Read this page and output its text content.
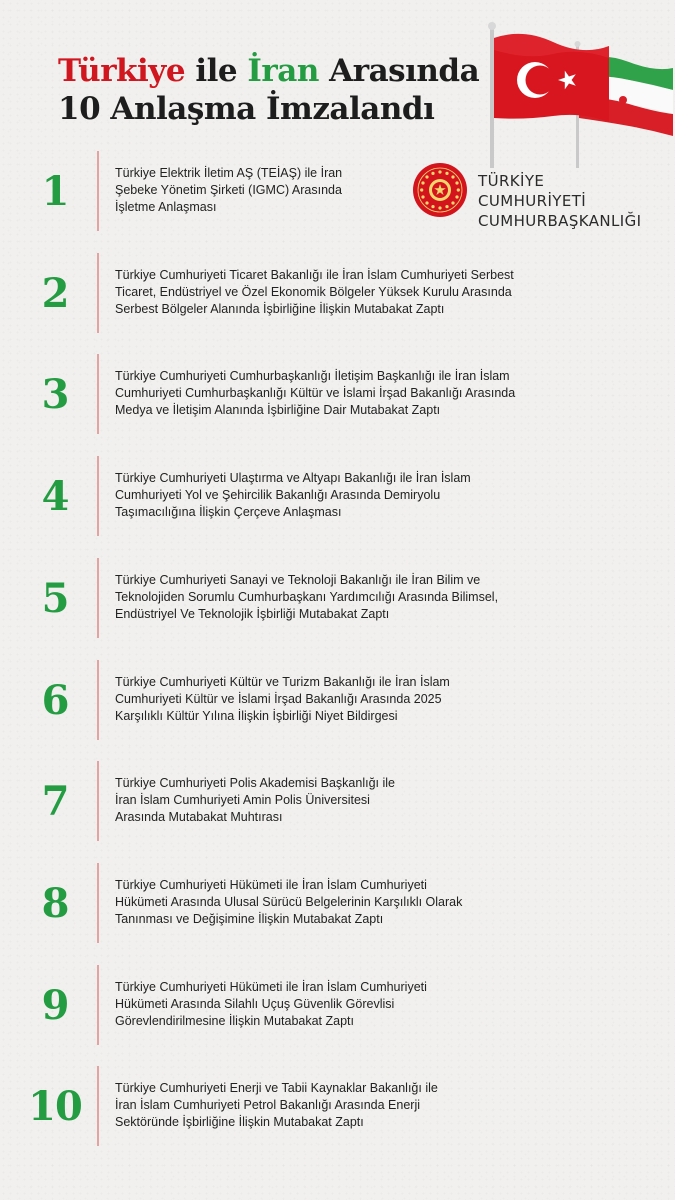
Türkiye ile İran Arasında
10 Anlaşma İmzalandı
TÜRKİYE CUMHURİYETİ
CUMHURBAŞKANLIĞI
1	Türkiye Elektrik İletim AŞ (TEİAŞ) ile İran
Şebeke Yönetim Şirketi (IGMC) Arasında
İşletme Anlaşması
2	Türkiye Cumhuriyeti Ticaret Bakanlığı ile İran İslam Cumhuriyeti Serbest
Ticaret, Endüstriyel ve Özel Ekonomik Bölgeler Yüksek Kurulu Arasında
Serbest Bölgeler Alanında İşbirliğine İlişkin Mutabakat Zaptı
3	Türkiye Cumhuriyeti Cumhurbaşkanlığı İletişim Başkanlığı ile İran İslam
Cumhuriyeti Cumhurbaşkanlığı Kültür ve İslami İrşad Bakanlığı Arasında
Medya ve İletişim Alanında İşbirliğine Dair Mutabakat Zaptı
4	Türkiye Cumhuriyeti Ulaştırma ve Altyapı Bakanlığı ile İran İslam
Cumhuriyeti Yol ve Şehircilik Bakanlığı Arasında Demiryolu
Taşımacılığına İlişkin Çerçeve Anlaşması
5	Türkiye Cumhuriyeti Sanayi ve Teknoloji Bakanlığı ile İran Bilim ve
Teknolojiden Sorumlu Cumhurbaşkanı Yardımcılığı Arasında Bilimsel,
Endüstriyel Ve Teknolojik İşbirliği Mutabakat Zaptı
6	Türkiye Cumhuriyeti Kültür ve Turizm Bakanlığı ile İran İslam
Cumhuriyeti Kültür ve İslami İrşad Bakanlığı Arasında 2025
Karşılıklı Kültür Yılına İlişkin İşbirliği Niyet Bildirgesi
7	Türkiye Cumhuriyeti Polis Akademisi Başkanlığı ile
İran İslam Cumhuriyeti Amin Polis Üniversitesi
Arasında Mutabakat Muhtırası
8	Türkiye Cumhuriyeti Hükümeti ile İran İslam Cumhuriyeti
Hükümeti Arasında Ulusal Sürücü Belgelerinin Karşılıklı Olarak
Tanınması ve Değişimine İlişkin Mutabakat Zaptı
9	Türkiye Cumhuriyeti Hükümeti ile İran İslam Cumhuriyeti
Hükümeti Arasında Silahlı Uçuş Güvenlik Görevlisi
Görevlendirilmesine İlişkin Mutabakat Zaptı
10	Türkiye Cumhuriyeti Enerji ve Tabii Kaynaklar Bakanlığı ile
İran İslam Cumhuriyeti Petrol Bakanlığı Arasında Enerji
Sektöründe İşbirliğine İlişkin Mutabakat Zaptı
